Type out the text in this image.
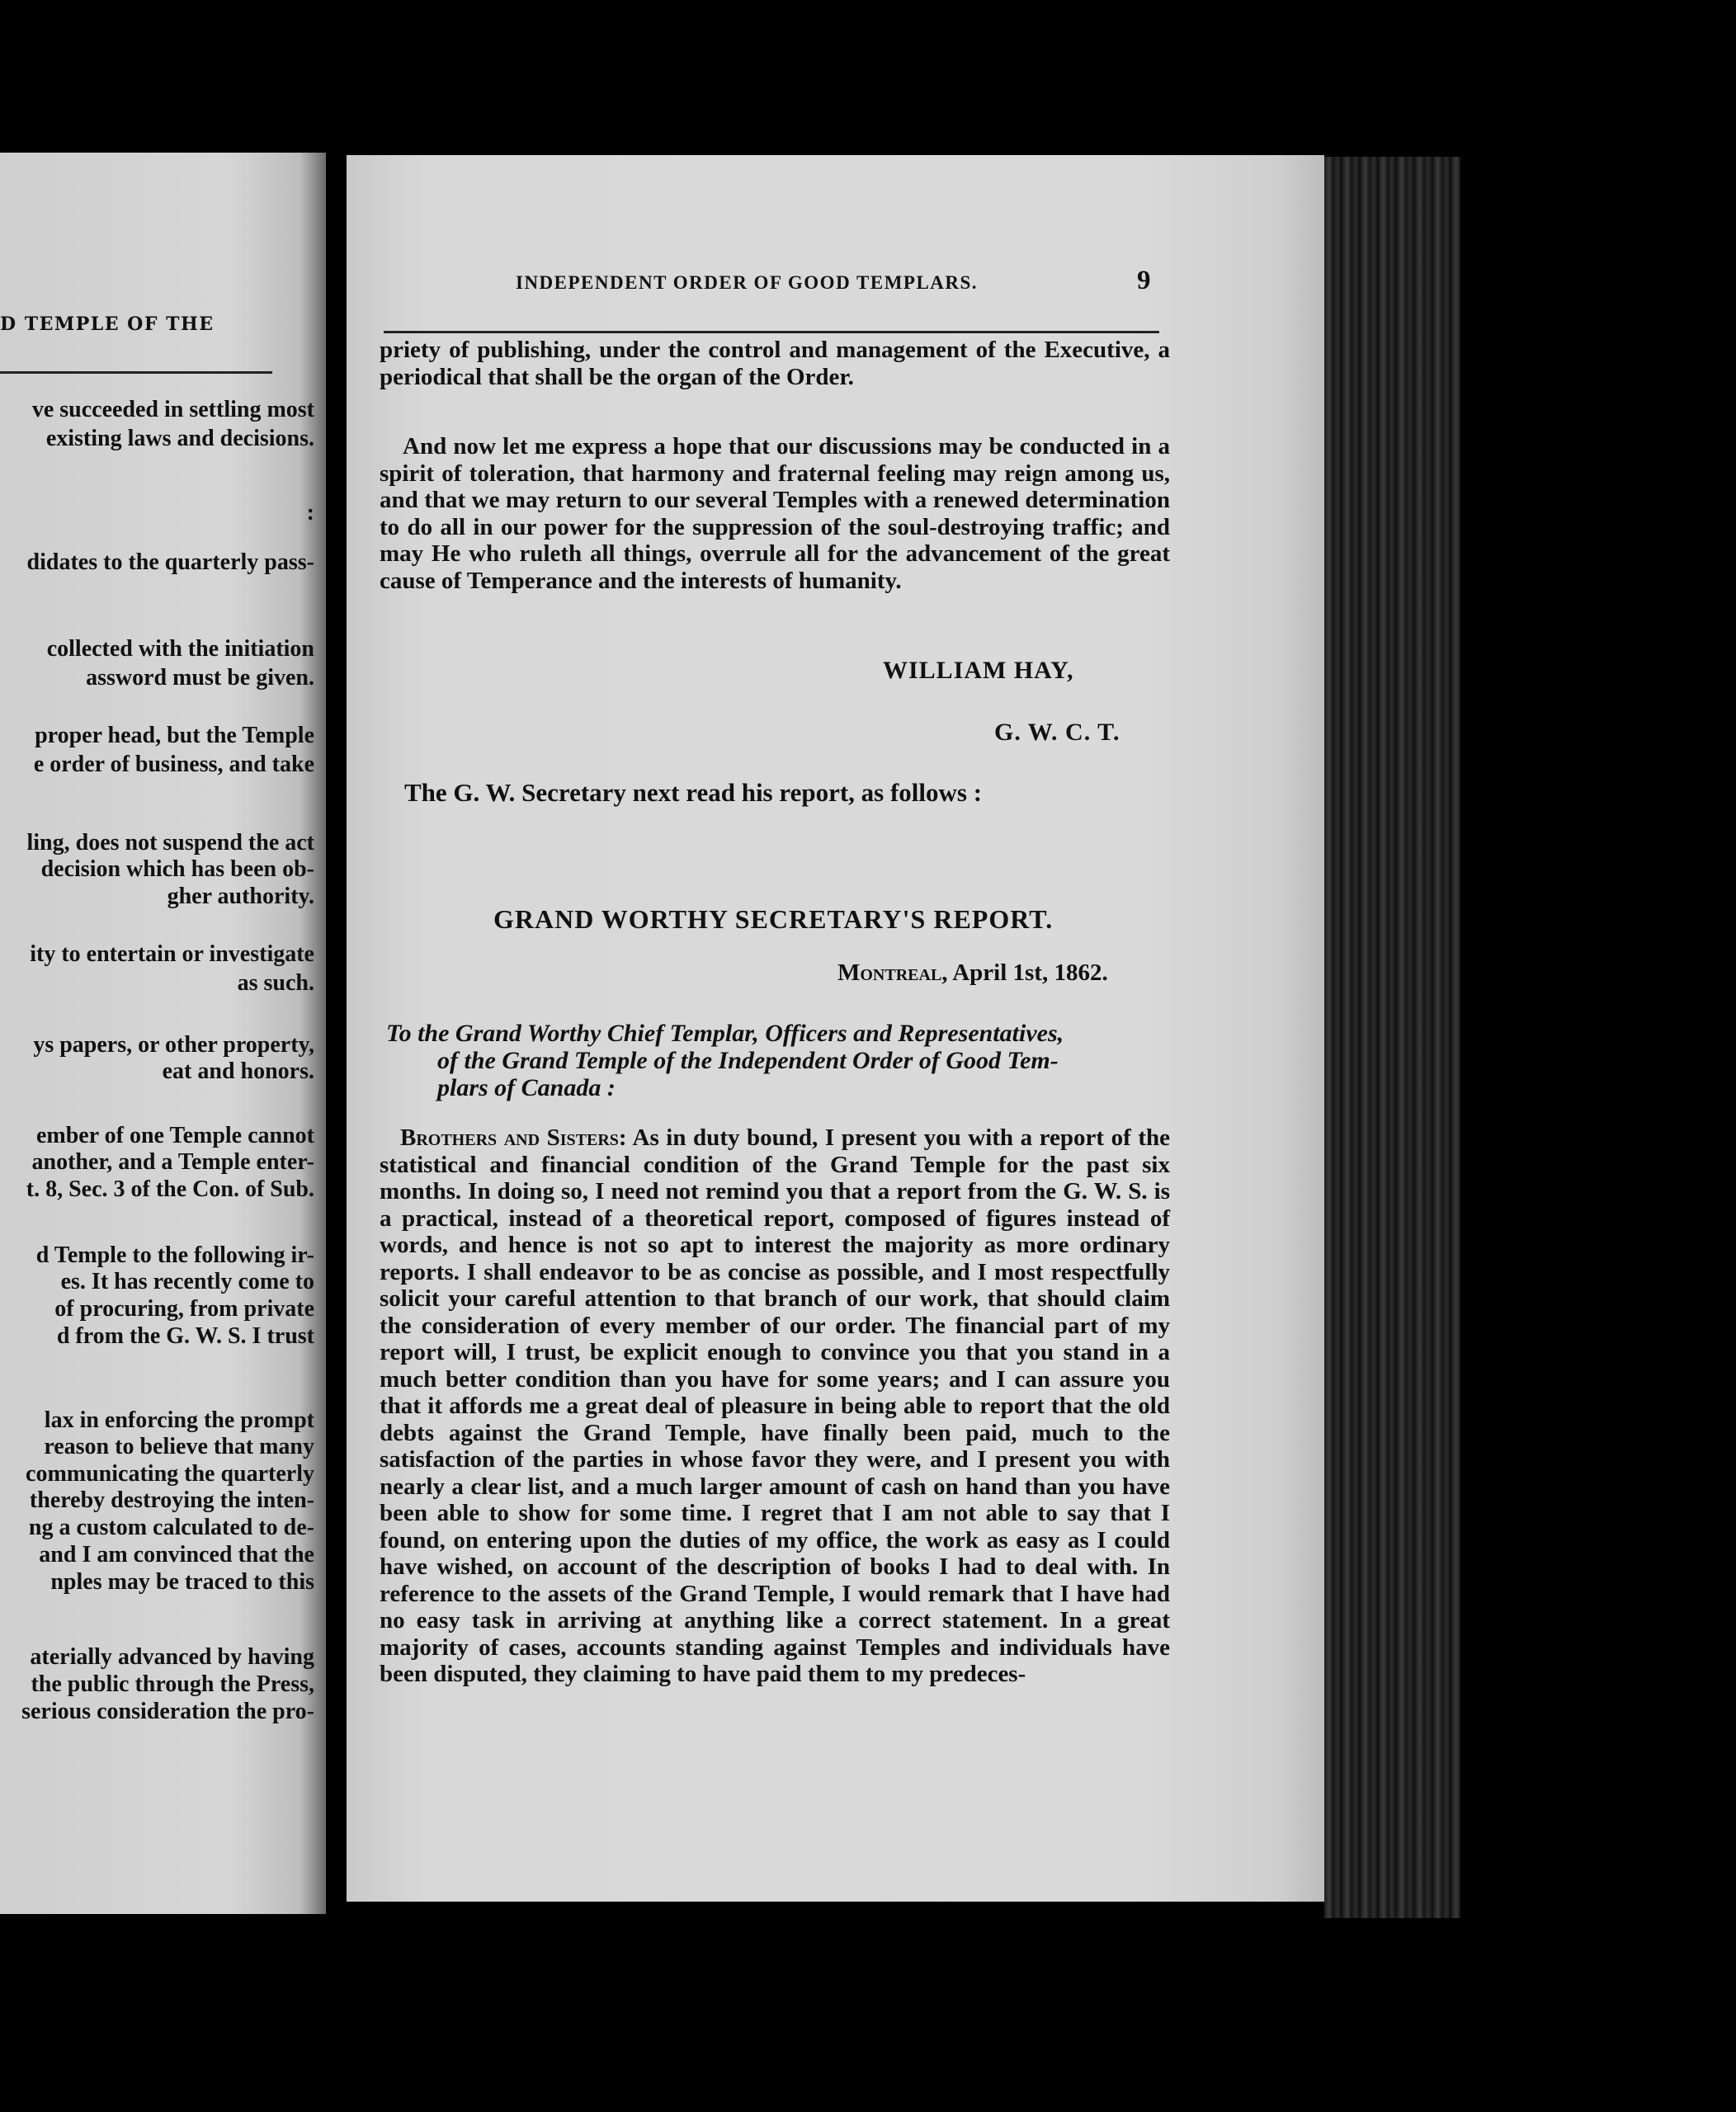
D TEMPLE OF THE
ve succeeded in settling most
existing laws and decisions.
:
didates to the quarterly pass-
collected with the initiation
assword must be given.
proper head, but the Temple
e order of business, and take
ling, does not suspend the act
decision which has been ob-
gher authority.
ity to entertain or investigate
as such.
ys papers, or other property,
eat and honors.
ember of one Temple cannot
another, and a Temple enter-
t. 8, Sec. 3 of the Con. of Sub.
d Temple to the following ir-
es. It has recently come to
of procuring, from private
d from the G. W. S. I trust
lax in enforcing the prompt
reason to believe that many
communicating the quarterly
thereby destroying the inten-
ng a custom calculated to de-
and I am convinced that the
nples may be traced to this
aterially advanced by having
the public through the Press,
serious consideration the pro-
INDEPENDENT ORDER OF GOOD TEMPLARS.	9

priety of publishing, under the control and management of the Executive, a periodical that shall be the organ of the Order.

And now let me express a hope that our discussions may be conducted in a spirit of toleration, that harmony and fraternal feeling may reign among us, and that we may return to our several Temples with a renewed determination to do all in our power for the suppression of the soul-destroying traffic; and may He who ruleth all things, overrule all for the advancement of the great cause of Temperance and the interests of humanity.

WILLIAM HAY,
G. W. C. T.
The G. W. Secretary next read his report, as follows :
GRAND WORTHY SECRETARY'S REPORT.
Montreal, April 1st, 1862.
To the Grand Worthy Chief Templar, Officers and Representatives,
of the Grand Temple of the Independent Order of Good Tem-
plars of Canada :

Brothers and Sisters: As in duty bound, I present you with a report of the statistical and financial condition of the Grand Temple for the past six months. In doing so, I need not remind you that a report from the G. W. S. is a practical, instead of a theoretical report, composed of figures instead of words, and hence is not so apt to interest the majority as more ordinary reports. I shall endeavor to be as concise as possible, and I most respectfully solicit your careful attention to that branch of our work, that should claim the consideration of every member of our order. The financial part of my report will, I trust, be explicit enough to convince you that you stand in a much better condition than you have for some years; and I can assure you that it affords me a great deal of pleasure in being able to report that the old debts against the Grand Temple, have finally been paid, much to the satisfaction of the parties in whose favor they were, and I present you with nearly a clear list, and a much larger amount of cash on hand than you have been able to show for some time. I regret that I am not able to say that I found, on entering upon the duties of my office, the work as easy as I could have wished, on account of the description of books I had to deal with. In reference to the assets of the Grand Temple, I would remark that I have had no easy task in arriving at anything like a correct statement. In a great majority of cases, accounts standing against Temples and individuals have been disputed, they claiming to have paid them to my predeces-
